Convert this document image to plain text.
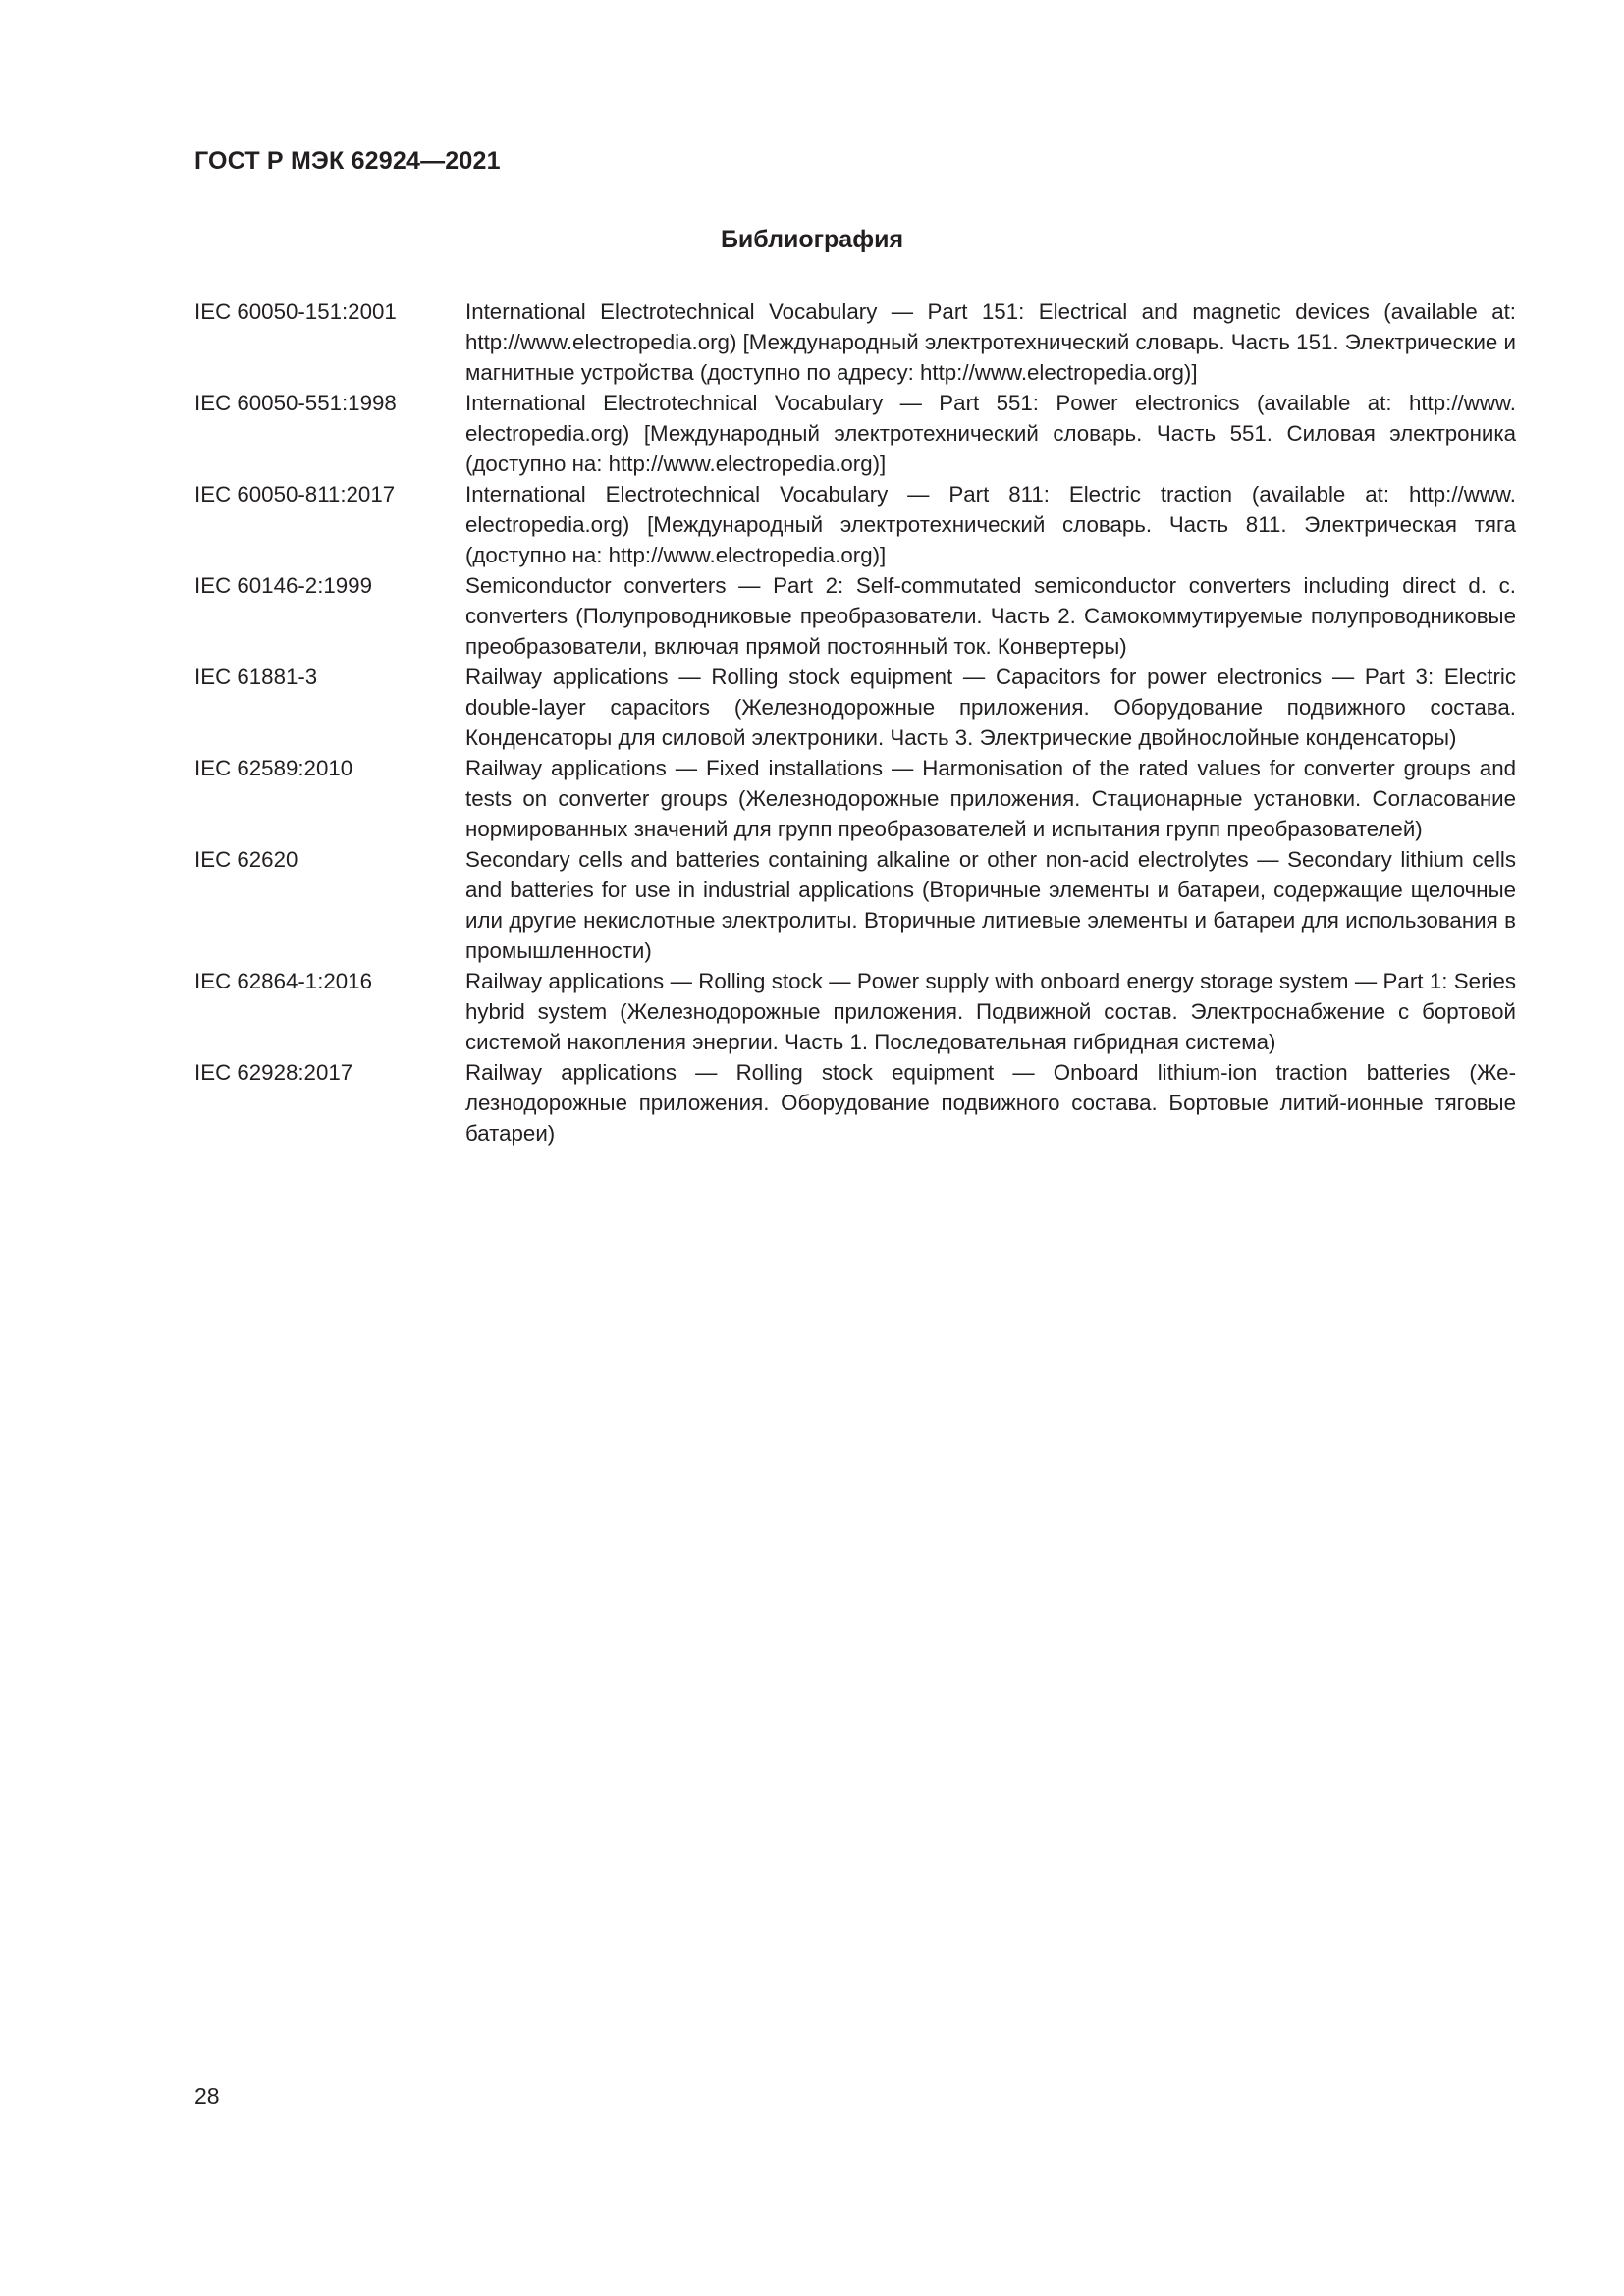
ГОСТ Р МЭК 62924—2021
Библиография
IEC 60050-151:2001	International Electrotechnical Vocabulary — Part 151: Electrical and magnetic devices (available at: http://www.electropedia.org) [Международный электротехнический словарь. Часть 151. Электрические и магнитные устройства (доступно по адресу: http://www.electropedia.org)]
IEC 60050-551:1998	International Electrotechnical Vocabulary — Part 551: Power electronics (available at: http://www.​electropedia.org) [Международный электротехнический словарь. Часть 551. Силовая электроника (доступно на: http://www.electropedia.org)]
IEC 60050-811:2017	International Electrotechnical Vocabulary — Part 811: Electric traction (available at: http://www.​electropedia.org) [Международный электротехнический словарь. Часть 811. Электрическая тяга (доступно на: http://www.electropedia.org)]
IEC 60146-2:1999	Semiconductor converters — Part 2: Self-commutated semiconductor converters including direct d. c. converters (Полупроводниковые преобразователи. Часть 2. Самокоммутируемые полупроводниковые преобразователи, включая прямой постоянный ток. Конвертеры)
IEC 61881-3	Railway applications — Rolling stock equipment — Capacitors for power electronics — Part 3: Electric double-layer capacitors (Железнодорожные приложения. Оборудование подвижного состава. Конденсаторы для силовой электроники. Часть 3. Электрические двойнослойные конденсаторы)
IEC 62589:2010	Railway applications — Fixed installations — Harmonisation of the rated values for converter groups and tests on converter groups (Железнодорожные приложения. Стационарные установки. Согласование нормированных значений для групп преобразователей и испытания групп преобразователей)
IEC 62620	Secondary cells and batteries containing alkaline or other non-acid electrolytes — Secondary lithium cells and batteries for use in industrial applications (Вторичные элементы и батареи, содержащие щелочные или другие некислотные электролиты. Вторичные литиевые элементы и батареи для использования в промышленности)
IEC 62864-1:2016	Railway applications — Rolling stock — Power supply with onboard energy storage system — Part 1: Series hybrid system (Железнодорожные приложения. Подвижной состав. Электроснабжение с бортовой системой накопления энергии. Часть 1. Последовательная гибридная система)
IEC 62928:2017	Railway applications — Rolling stock equipment — Onboard lithium-ion traction batteries (Железнодорожные приложения. Оборудование подвижного состава. Бортовые литий-ионные тяговые батареи)
28
